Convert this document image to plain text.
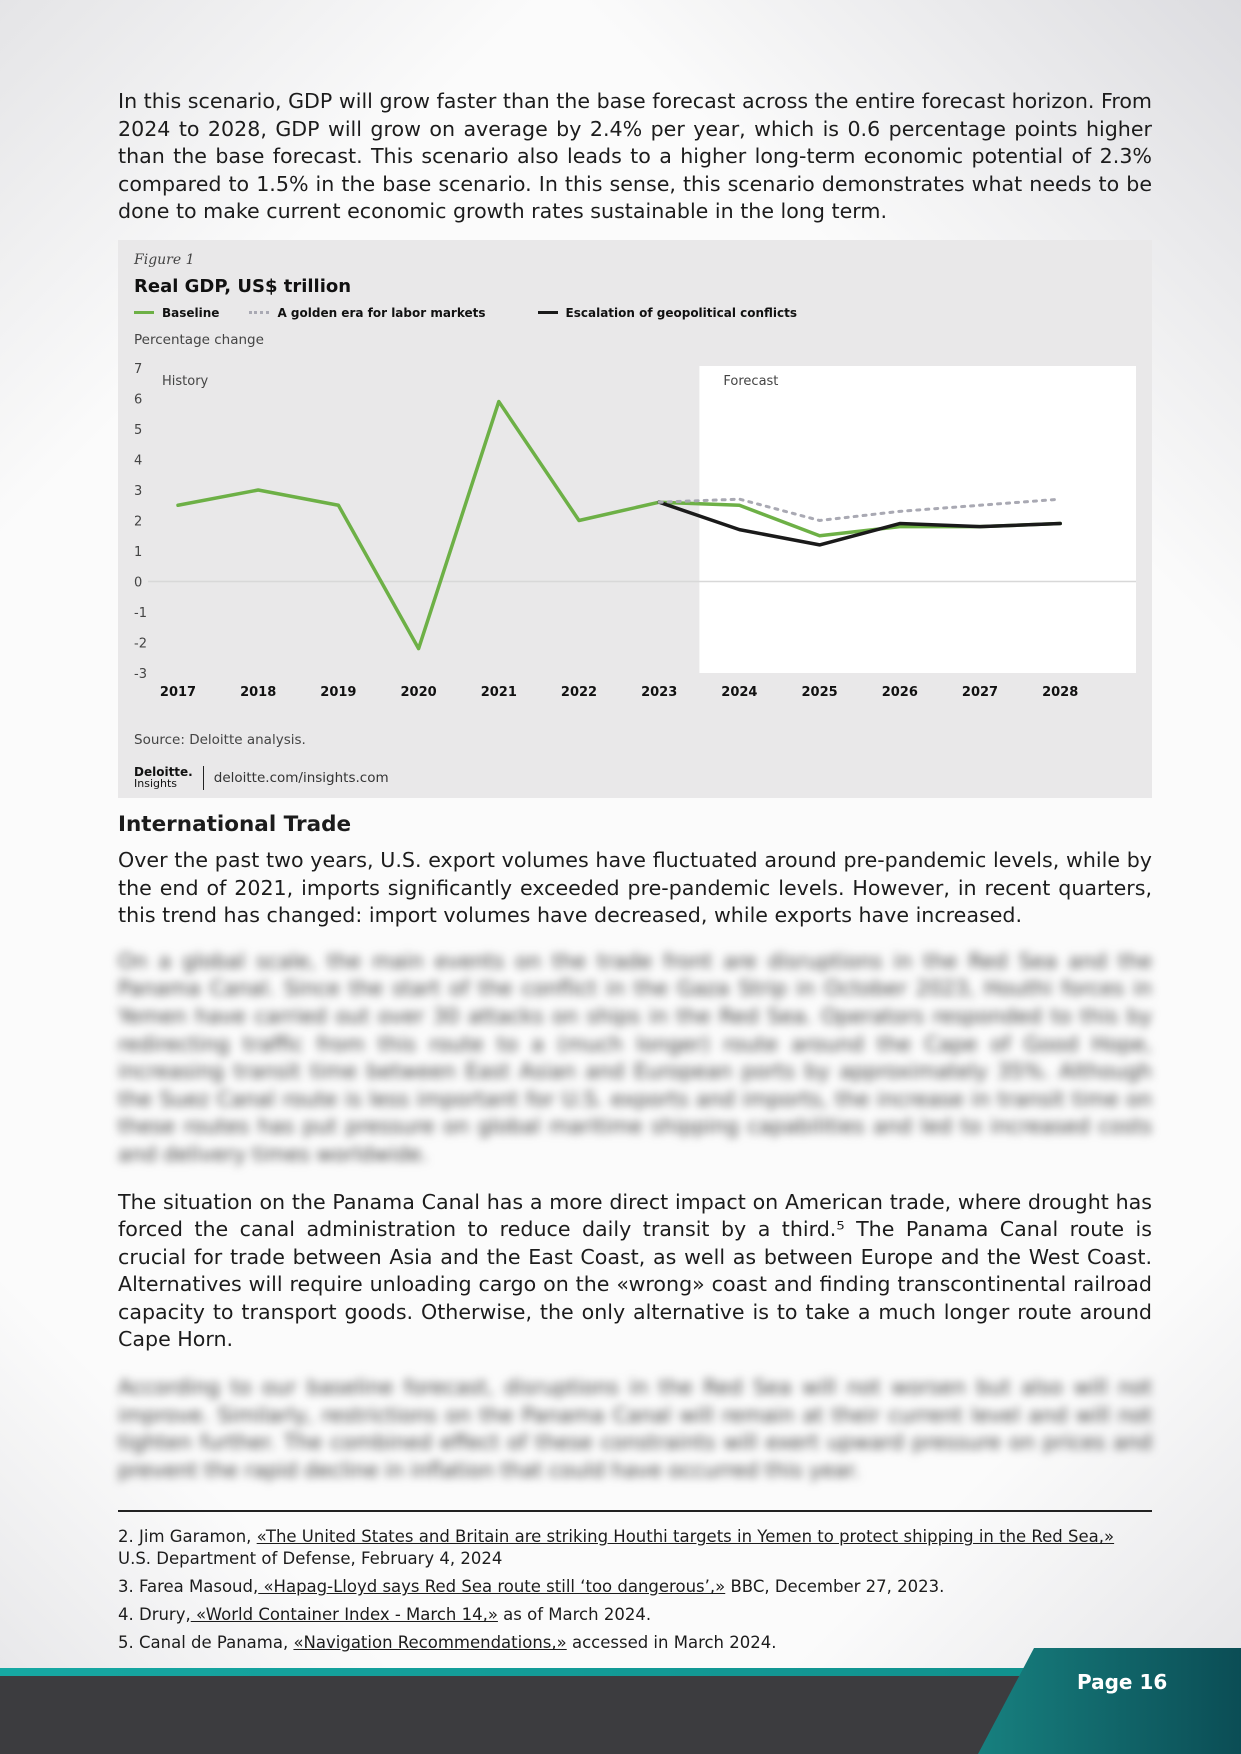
In this scenario, GDP will grow faster than the base forecast across the entire forecast horizon. From 2024 to 2028, GDP will grow on average by 2.4% per year, which is 0.6 percentage points higher than the base forecast. This scenario also leads to a higher long-term economic potential of 2.3% compared to 1.5% in the base scenario. In this sense, this scenario demonstrates what needs to be done to make current economic growth rates sustainable in the long term.

History	Forecast
7
6
5
4
3
2
1
0
-1
-2
-3
2017	2018	2019	2020	2021	2022	2023	2024	2025	2026	2027	2028
Figure 1
Real GDP, US$ trillion
Baseline	A golden era for labor markets	Escalation of geopolitical conflicts
Percentage change
Source: Deloitte analysis.
Deloitte.
Insights	deloitte.com/insights.com

International Trade

Over the past two years, U.S. export volumes have fluctuated around pre-pandemic levels, while by the end of 2021, imports significantly exceeded pre-pandemic levels. However, in recent quarters, this trend has changed: import volumes have decreased, while exports have increased.

On a global scale, the main events on the trade front are disruptions in the Red Sea and the Panama Canal. Since the start of the conflict in the Gaza Strip in October 2023, Houthi forces in Yemen have carried out over 30 attacks on ships in the Red Sea. Operators responded to this by redirecting traffic from this route to a (much longer) route around the Cape of Good Hope, increasing transit time between East Asian and European ports by approximately 35%. Although the Suez Canal route is less important for U.S. exports and imports, the increase in transit time on these routes has put pressure on global maritime shipping capabilities and led to increased costs and delivery times worldwide.

The situation on the Panama Canal has a more direct impact on American trade, where drought has forced the canal administration to reduce daily transit by a third.⁵ The Panama Canal route is crucial for trade between Asia and the East Coast, as well as between Europe and the West Coast. Alternatives will require unloading cargo on the «wrong» coast and finding transcontinental railroad capacity to transport goods. Otherwise, the only alternative is to take a much longer route around Cape Horn.

According to our baseline forecast, disruptions in the Red Sea will not worsen but also will not improve. Similarly, restrictions on the Panama Canal will remain at their current level and will not tighten further. The combined effect of these constraints will exert upward pressure on prices and prevent the rapid decline in inflation that could have occurred this year.

2. Jim Garamon, «The United States and Britain are striking Houthi targets in Yemen to protect shipping in the Red Sea,» U.S. Department of Defense, February 4, 2024

3. Farea Masoud, «Hapag-Lloyd says Red Sea route still ‘too dangerous’,» BBC, December 27, 2023.

4. Drury, «World Container Index - March 14,» as of March 2024.

5. Canal de Panama, «Navigation Recommendations,» accessed in March 2024.

Page 16
